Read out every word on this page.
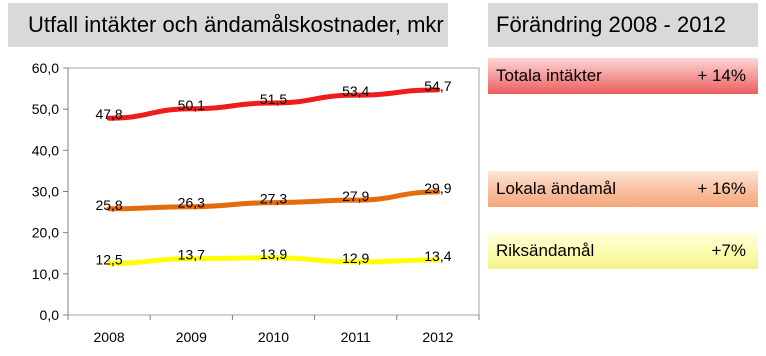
Utfall intäkter och ändamålskostnader, mkr Förändring 2008 - 2012
0,0
10,0
20,0
30,0
40,0
50,0
60,0
2008	2009	2010	2011	2012
47,8
50,1	51,5	53,4	54,7
25,8	26,3	27,3	27,9
29,9
12,5	13,7	13,9	12,9	13,4
Totala intäkter	+ 14%
Lokala ändamål	+ 16%
Riksändamål	+7%
